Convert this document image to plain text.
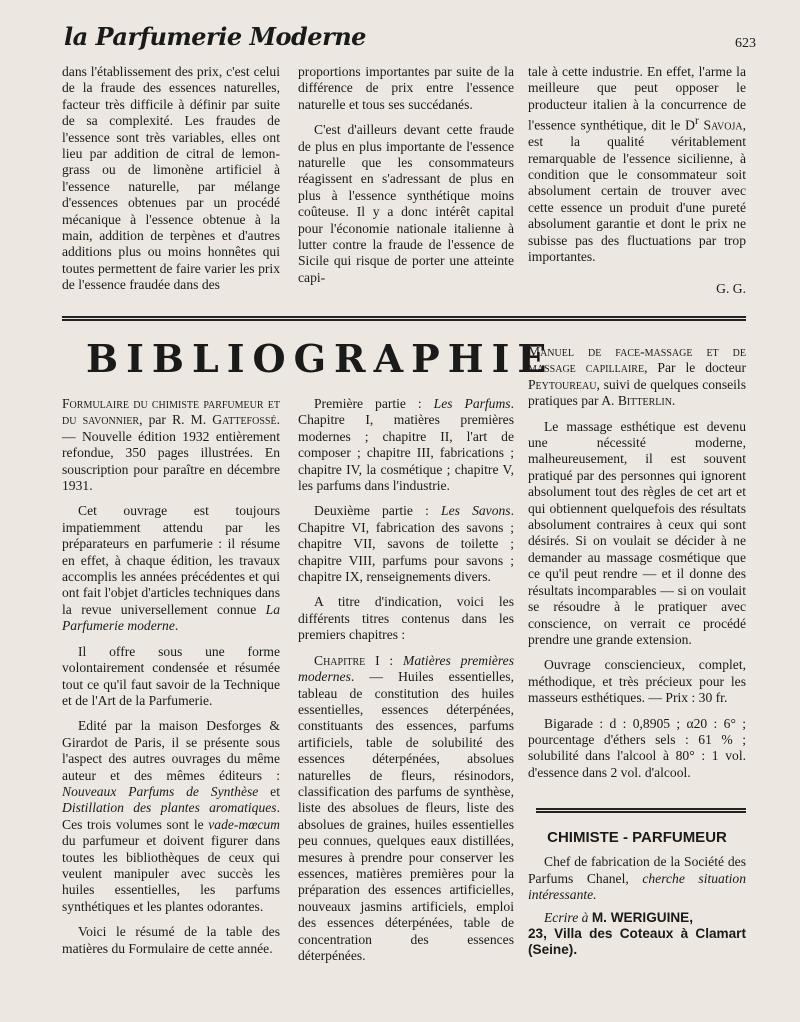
la Parfumerie Moderne	623

dans l'établissement des prix, c'est celui de la fraude des essences naturelles, facteur très difficile à définir par suite de sa complexité. Les fraudes de l'essence sont très variables, elles ont lieu par addition de citral de lemon-grass ou de limonène artificiel à l'essence naturelle, par mélange d'essences obtenues par un procédé mécanique à l'essence obtenue à la main, addition de terpènes et d'autres additions plus ou moins honnêtes qui toutes permettent de faire varier les prix de l'essence fraudée dans des

proportions importantes par suite de la différence de prix entre l'essence naturelle et tous ses succédanés.

C'est d'ailleurs devant cette fraude de plus en plus importante de l'essence naturelle que les consommateurs réagissent en s'adressant de plus en plus à l'essence synthétique moins coûteuse. Il y a donc intérêt capital pour l'économie nationale italienne à lutter contre la fraude de l'essence de Sicile qui risque de porter une atteinte capi-

tale à cette industrie. En effet, l'arme la meilleure que peut opposer le producteur italien à la concurrence de l'essence synthétique, dit le $D^r$ Savoja, est la qualité véritablement remarquable de l'essence sicilienne, à condition que le consommateur soit absolument certain de trouver avec cette essence un produit d'une pureté absolument garantie et dont le prix ne subisse pas des fluctuations par trop importantes.

G. G.

BIBLIOGRAPHIE

Formulaire du chimiste parfumeur et du savonnier, par R. M. Gattefossé. — Nouvelle édition 1932 entièrement refondue, 350 pages illustrées. En souscription pour paraître en décembre 1931.

Cet ouvrage est toujours impatiemment attendu par les préparateurs en parfumerie : il résume en effet, à chaque édition, les travaux accomplis les années précédentes et qui ont fait l'objet d'articles techniques dans la revue universellement connue La Parfumerie moderne.

Il offre sous une forme volontairement condensée et résumée tout ce qu'il faut savoir de la Technique et de l'Art de la Parfumerie.

Edité par la maison Desforges & Girardot de Paris, il se présente sous l'aspect des autres ouvrages du même auteur et des mêmes éditeurs : Nouveaux Parfums de Synthèse et Distillation des plantes aromatiques. Ces trois volumes sont le vade-mœcum du parfumeur et doivent figurer dans toutes les bibliothèques de ceux qui veulent manipuler avec succès les huiles essentielles, les parfums synthétiques et les plantes odorantes.

Voici le résumé de la table des matières du Formulaire de cette année.

Première partie : Les Parfums. Chapitre I, matières premières modernes ; chapitre II, l'art de composer ; chapitre III, fabrications ; chapitre IV, la cosmétique ; chapitre V, les parfums dans l'industrie.

Deuxième partie : Les Savons. Chapitre VI, fabrication des savons ; chapitre VII, savons de toilette ; chapitre VIII, parfums pour savons ; chapitre IX, renseignements divers.

A titre d'indication, voici les différents titres contenus dans les premiers chapitres :

Chapitre I : Matières premières modernes. — Huiles essentielles, tableau de constitution des huiles essentielles, essences déterpénées, constituants des essences, parfums artificiels, table de solubilité des essences déterpénées, absolues naturelles de fleurs, résinodors, classification des parfums de synthèse, liste des absolues de fleurs, liste des absolues de graines, huiles essentielles peu connues, quelques eaux distillées, mesures à prendre pour conserver les essences, matières premières pour la préparation des essences artificielles, nouveaux jasmins artificiels, emploi des essences déterpénées, table de concentration des essences déterpénées.

Manuel de face-massage et de massage capillaire, Par le docteur Peytoureau, suivi de quelques conseils pratiques par A. Bitterlin.

Le massage esthétique est devenu une nécessité moderne, malheureusement, il est souvent pratiqué par des personnes qui ignorent absolument tout des règles de cet art et qui obtiennent quelquefois des résultats absolument contraires à ceux qui sont désirés. Si on voulait se décider à ne demander au massage cosmétique que ce qu'il peut rendre — et il donne des résultats incomparables — si on voulait se résoudre à le pratiquer avec conscience, on verrait ce procédé prendre une grande extension.

Ouvrage consciencieux, complet, méthodique, et très précieux pour les masseurs esthétiques. — Prix : 30 fr.

Bigarade : d : 0,8905 ; α20 : 6° ; pourcentage d'éthers sels : 61 % ; solubilité dans l'alcool à 80° : 1 vol. d'essence dans 2 vol. d'alcool.

CHIMISTE - PARFUMEUR

Chef de fabrication de la Société des Parfums Chanel, cherche situation intéressante.

Ecrire à M. WERIGUINE,

23, Villa des Coteaux à Clamart (Seine).
